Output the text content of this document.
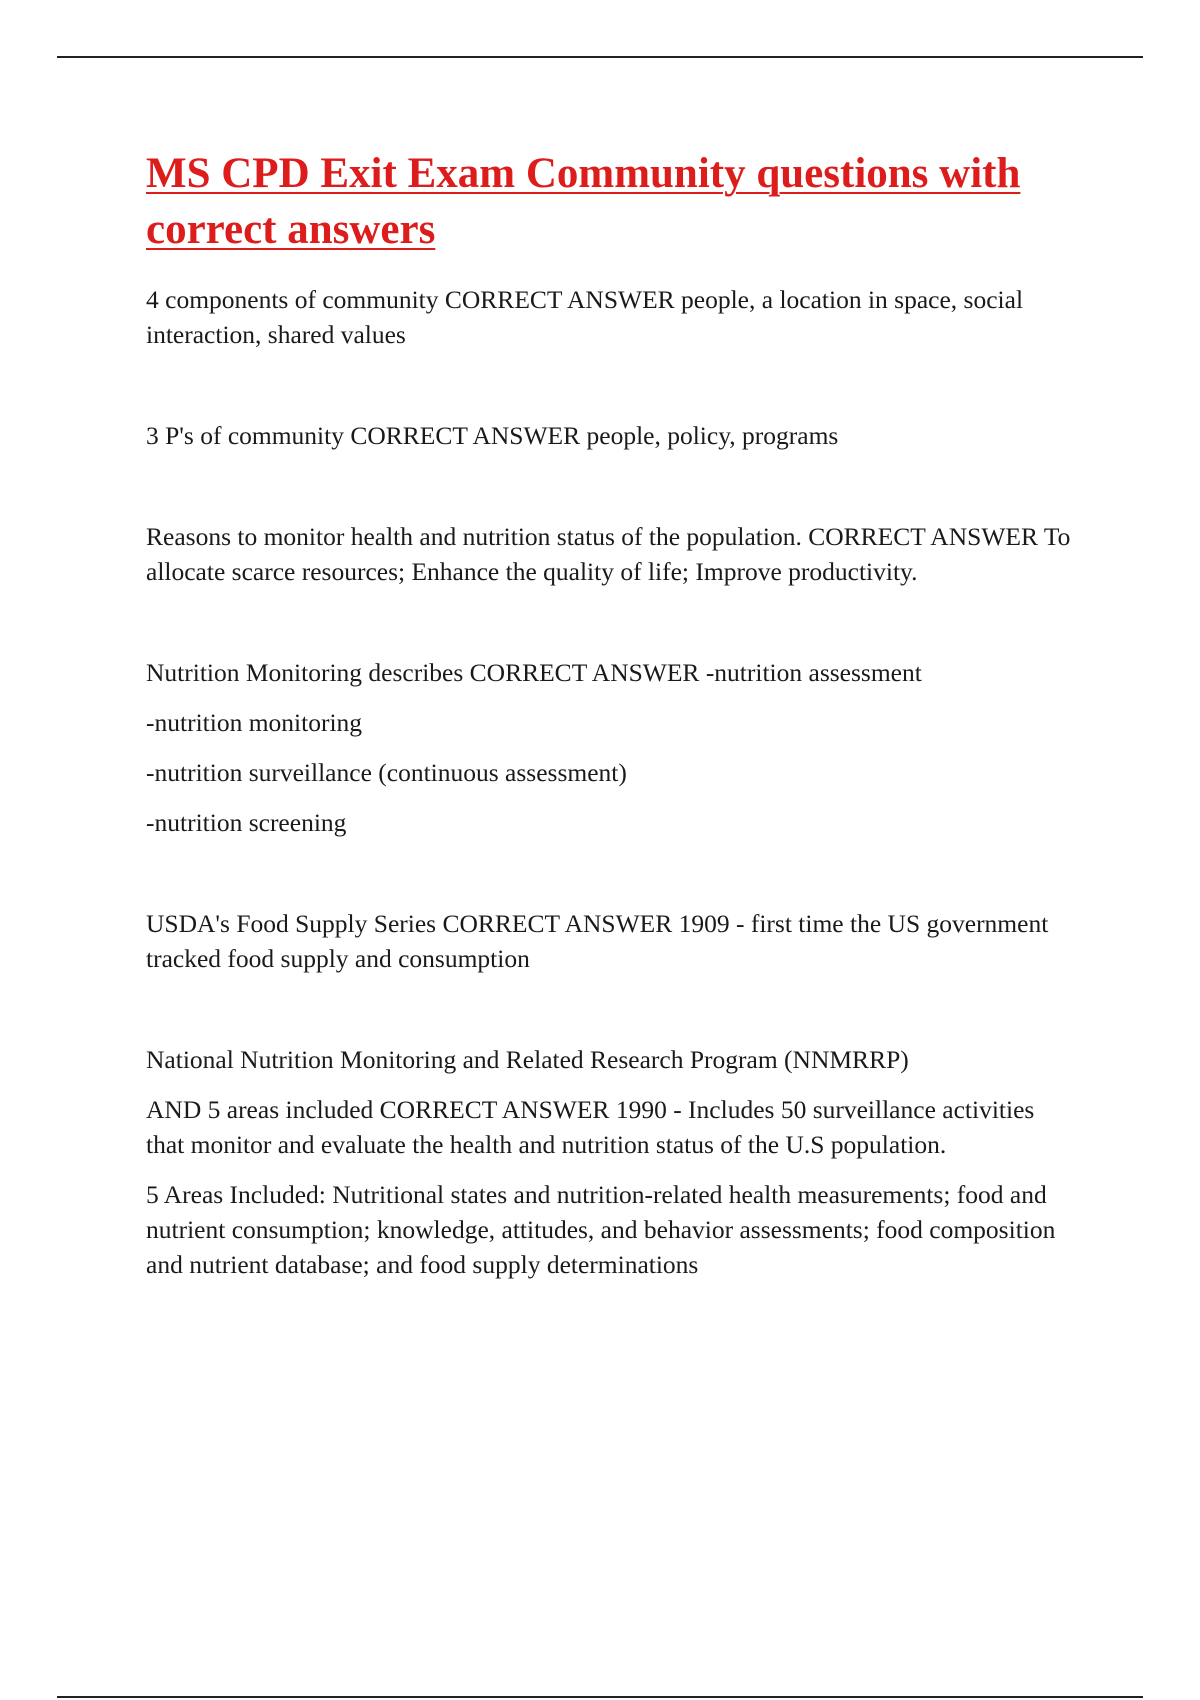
MS CPD Exit Exam Community questions with correct answers

4 components of community CORRECT ANSWER people, a location in space, social interaction, shared values

3 P's of community CORRECT ANSWER people, policy, programs

Reasons to monitor health and nutrition status of the population. CORRECT ANSWER To allocate scarce resources; Enhance the quality of life; Improve productivity.

Nutrition Monitoring describes CORRECT ANSWER -nutrition assessment

-nutrition monitoring

-nutrition surveillance (continuous assessment)

-nutrition screening

USDA's Food Supply Series CORRECT ANSWER 1909 - first time the US government tracked food supply and consumption

National Nutrition Monitoring and Related Research Program (NNMRRP)

AND 5 areas included CORRECT ANSWER 1990 - Includes 50 surveillance activities that monitor and evaluate the health and nutrition status of the U.S population.

5 Areas Included: Nutritional states and nutrition-related health measurements; food and nutrient consumption; knowledge, attitudes, and behavior assessments; food composition and nutrient database; and food supply determinations
